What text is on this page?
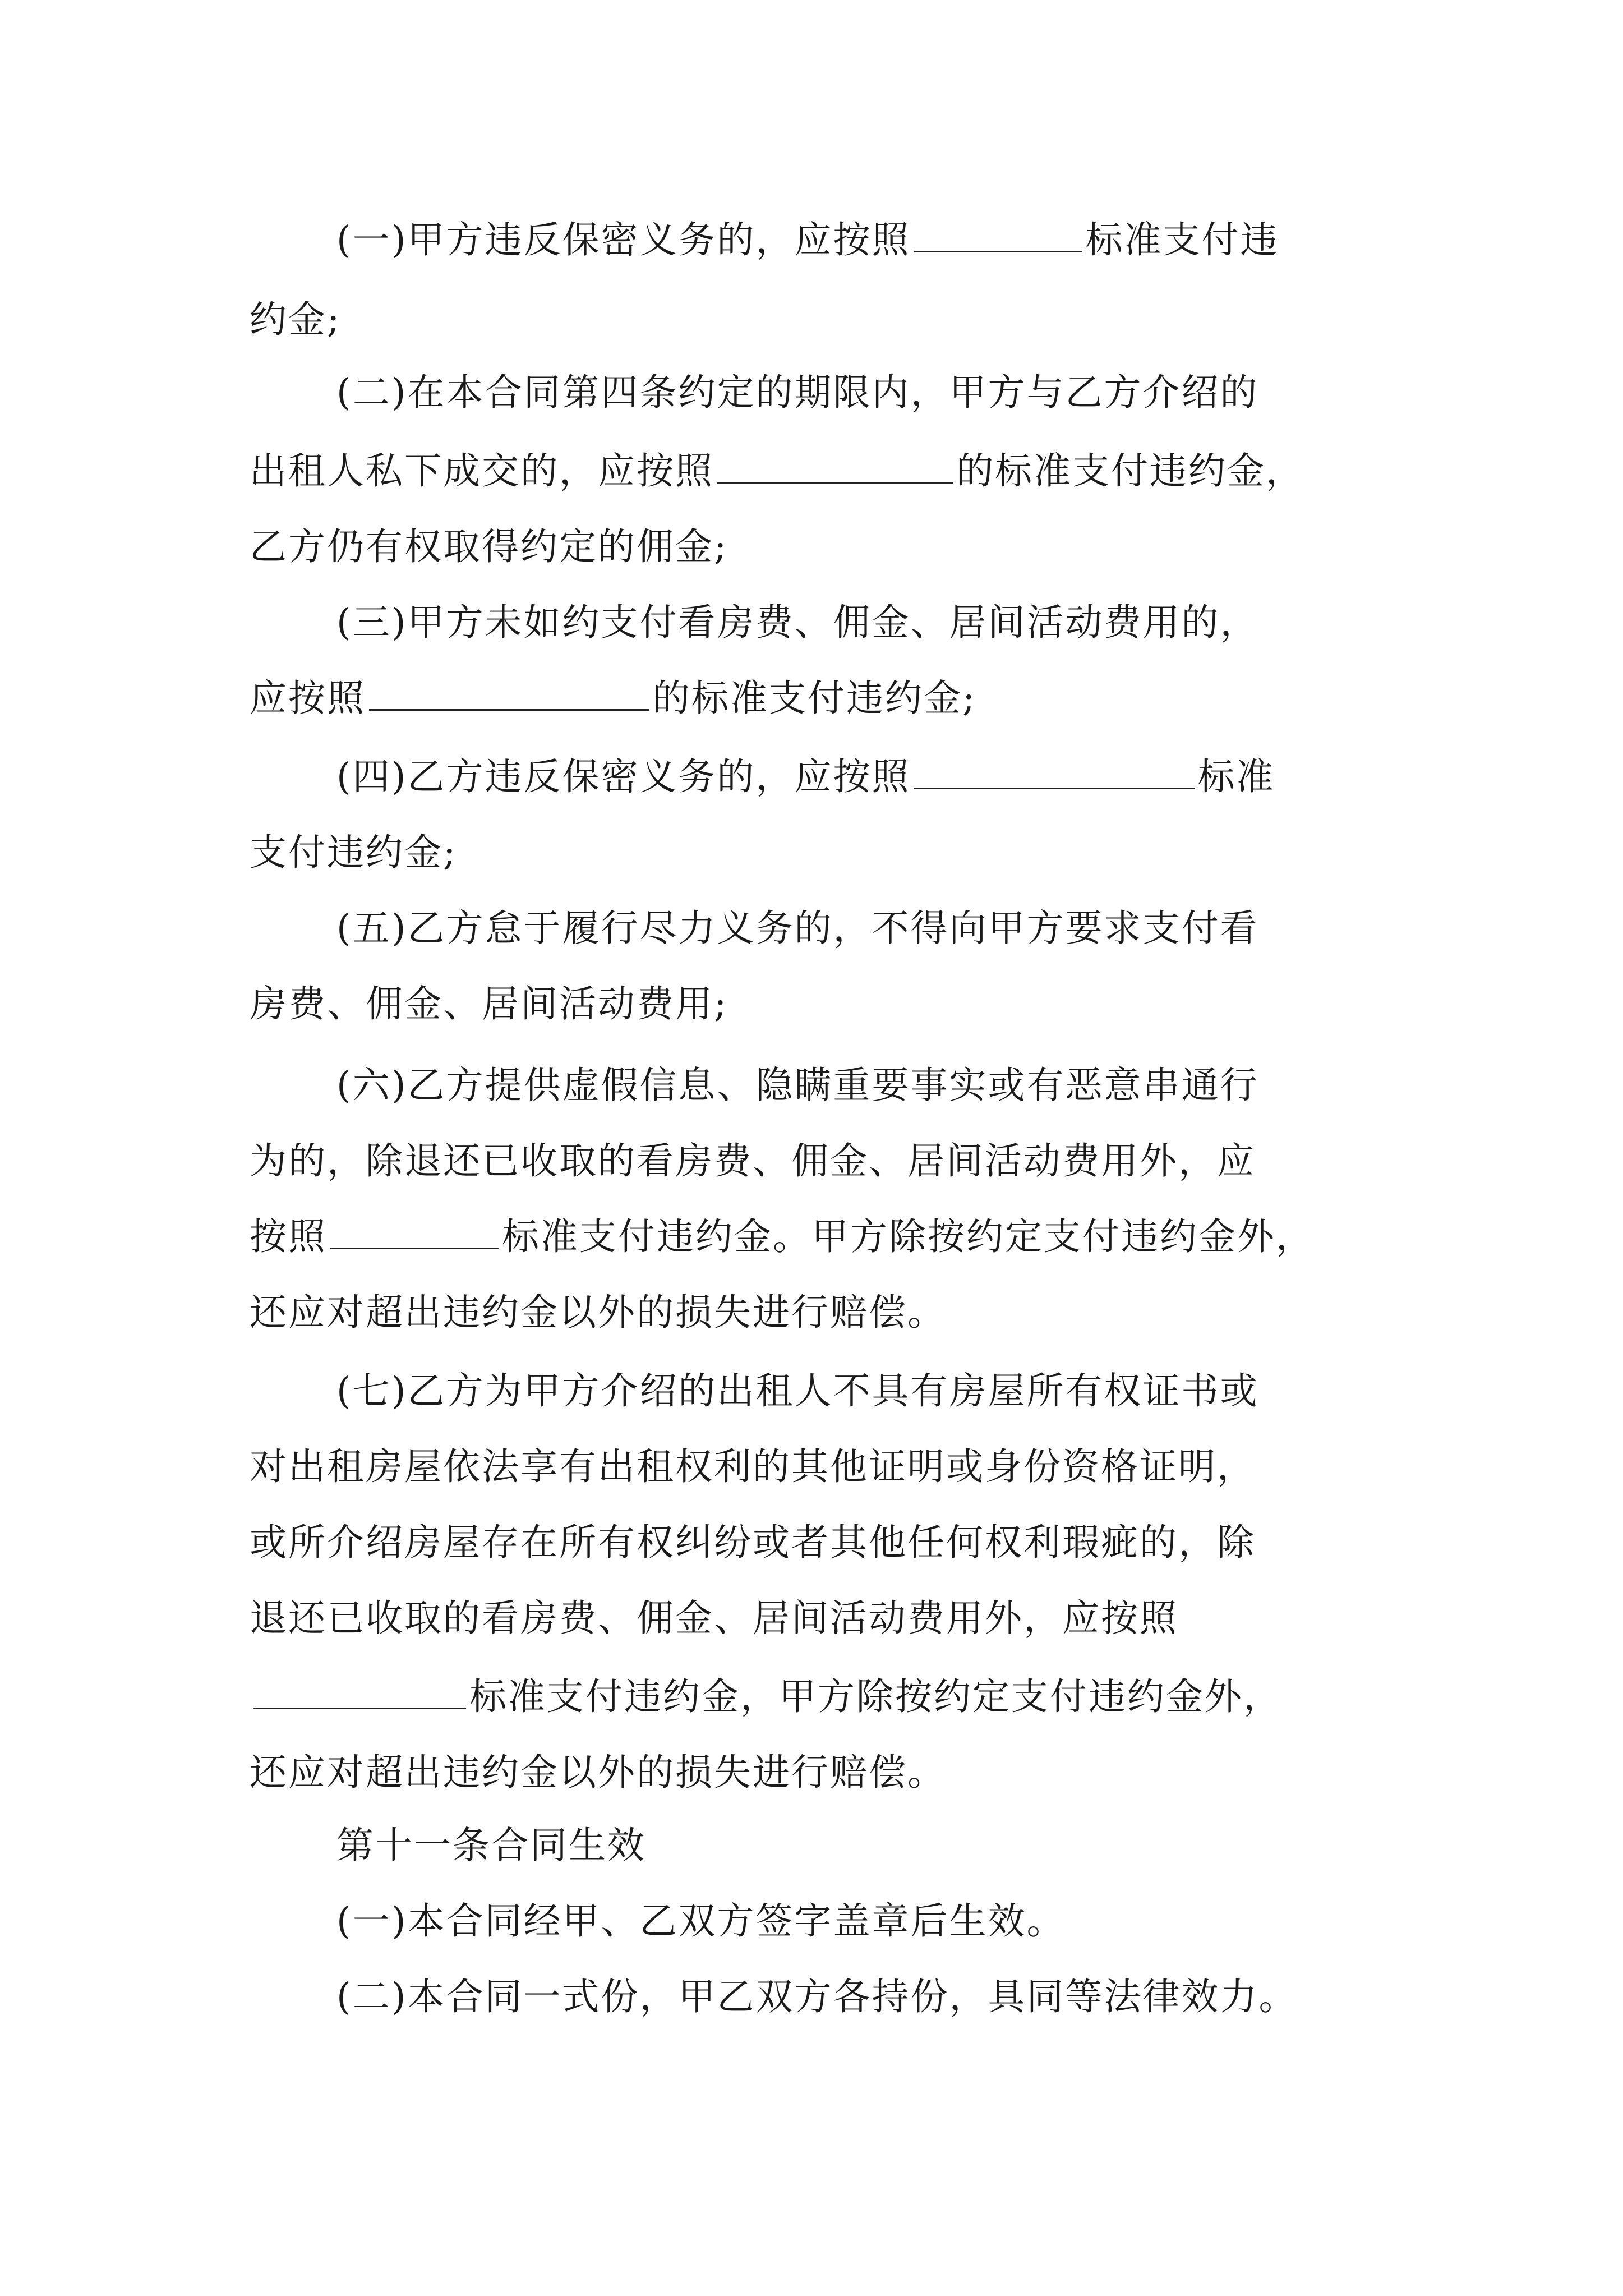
(一)甲方违反保密义务的，应按照	标准支付违
约金;
(二)在本合同第四条约定的期限内，甲方与乙方介绍的
出租人私下成交的，应按照	的标准支付违约金，
乙方仍有权取得约定的佣金;
(三)甲方未如约支付看房费、佣金、居间活动费用的，
应按照	的标准支付违约金;
(四)乙方违反保密义务的，应按照	标准
支付违约金;
(五)乙方怠于履行尽力义务的，不得向甲方要求支付看
房费、佣金、居间活动费用;
(六)乙方提供虚假信息、隐瞒重要事实或有恶意串通行
为的，除退还已收取的看房费、佣金、居间活动费用外，应
按照	标准支付违约金。甲方除按约定支付违约金外，
还应对超出违约金以外的损失进行赔偿。
(七)乙方为甲方介绍的出租人不具有房屋所有权证书或
对出租房屋依法享有出租权利的其他证明或身份资格证明，
或所介绍房屋存在所有权纠纷或者其他任何权利瑕疵的，除
退还已收取的看房费、佣金、居间活动费用外，应按照
标准支付违约金，甲方除按约定支付违约金外，
还应对超出违约金以外的损失进行赔偿。
第十一条合同生效
(一)本合同经甲、乙双方签字盖章后生效。
(二)本合同一式份，甲乙双方各持份，具同等法律效力。
